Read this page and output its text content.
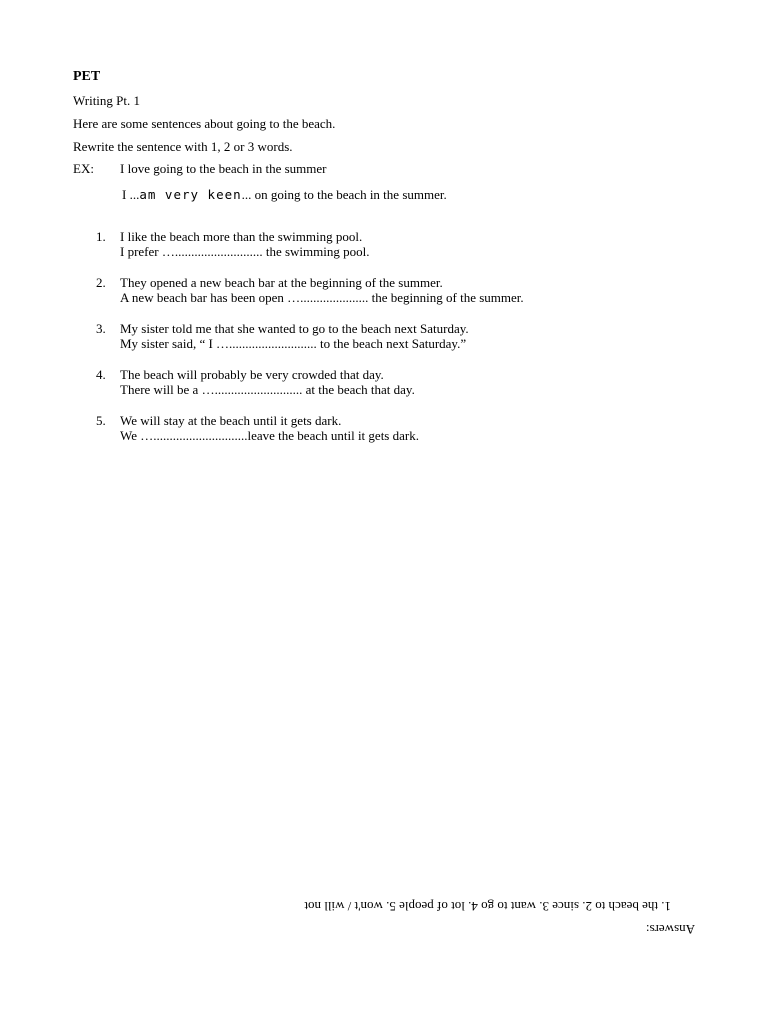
PET
Writing Pt. 1
Here are some sentences about going to the beach.
Rewrite the sentence with 1, 2 or 3 words.
EX: I love going to the beach in the summer
I ...am very keen... on going to the beach in the summer.
1. I like the beach more than the swimming pool.
I prefer …........................... the swimming pool.
2. They opened a new beach bar at the beginning of the summer.
A new beach bar has been open …..................... the beginning of the summer.
3. My sister told me that she wanted to go to the beach next Saturday.
My sister said, “ I …........................... to the beach next Saturday.”
4. The beach will probably be very crowded that day.
There will be a …........................... at the beach that day.
5. We will stay at the beach until it gets dark.
We ….............................leave the beach until it gets dark.
Answers:
1. the beach to 2. since 3. want to go 4. lot of people 5. won't / will not
